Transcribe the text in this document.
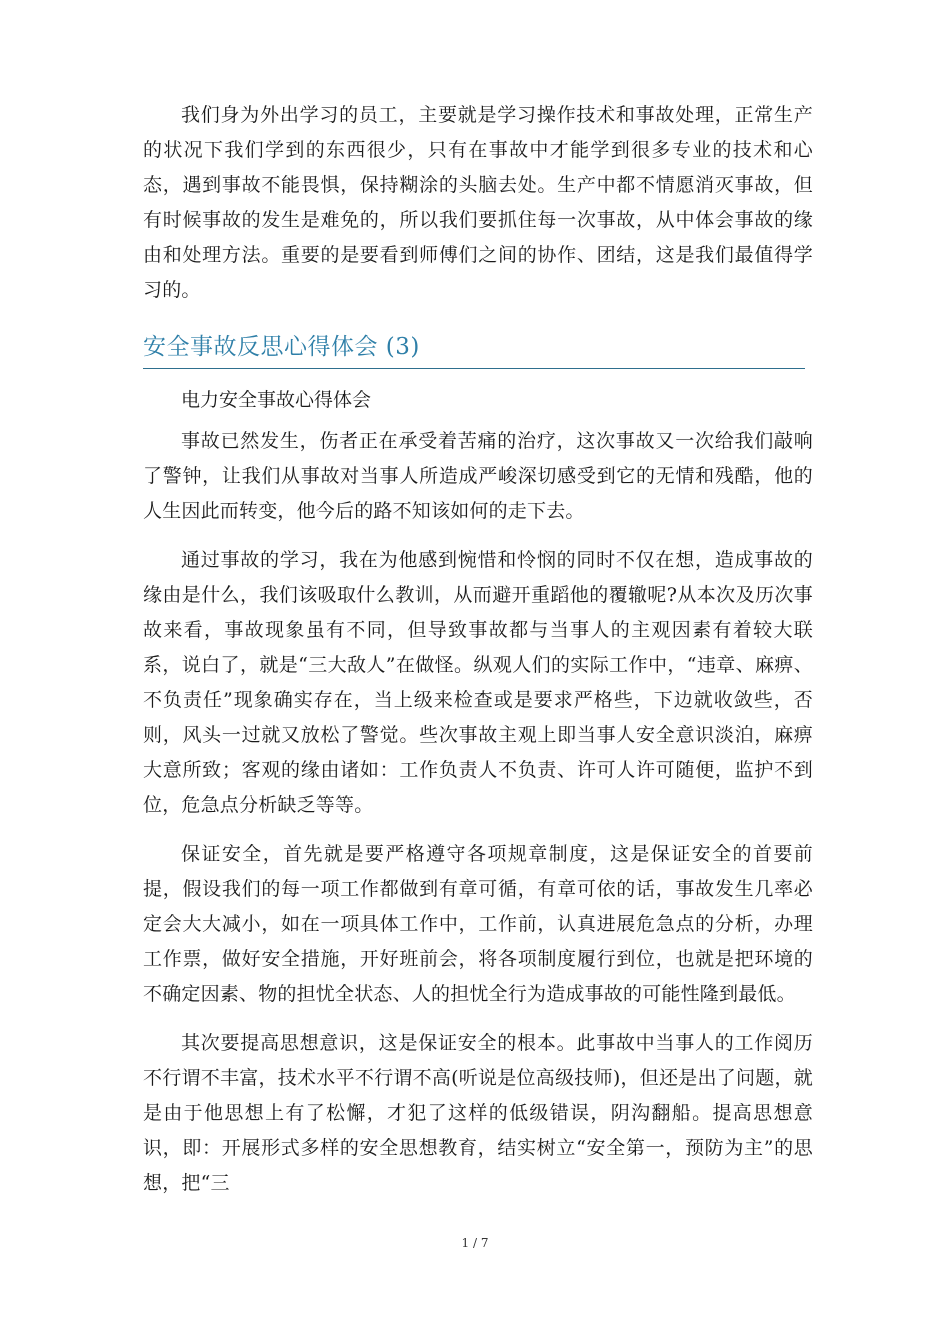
我们身为外出学习的员工，主要就是学习操作技术和事故处理，正常生产的状况下我们学到的东西很少，只有在事故中才能学到很多专业的技术和心态，遇到事故不能畏惧，保持糊涂的头脑去处。生产中都不情愿消灭事故，但有时候事故的发生是难免的，所以我们要抓住每一次事故，从中体会事故的缘由和处理方法。重要的是要看到师傅们之间的协作、团结，这是我们最值得学习的。

安全事故反思心得体会 (3)

电力安全事故心得体会

事故已然发生，伤者正在承受着苦痛的治疗，这次事故又一次给我们敲响了警钟，让我们从事故对当事人所造成严峻深切感受到它的无情和残酷，他的人生因此而转变，他今后的路不知该如何的走下去。

通过事故的学习，我在为他感到惋惜和怜悯的同时不仅在想，造成事故的缘由是什么，我们该吸取什么教训，从而避开重蹈他的覆辙呢?从本次及历次事故来看，事故现象虽有不同，但导致事故都与当事人的主观因素有着较大联系，说白了，就是“三大敌人”在做怪。纵观人们的实际工作中，“违章、麻痹、不负责任”现象确实存在，当上级来检查或是要求严格些，下边就收敛些，否则，风头一过就又放松了警觉。些次事故主观上即当事人安全意识淡泊，麻痹大意所致；客观的缘由诸如：工作负责人不负责、许可人许可随便，监护不到位，危急点分析缺乏等等。

保证安全，首先就是要严格遵守各项规章制度，这是保证安全的首要前提，假设我们的每一项工作都做到有章可循，有章可依的话，事故发生几率必定会大大减小，如在一项具体工作中，工作前，认真进展危急点的分析，办理工作票，做好安全措施，开好班前会，将各项制度履行到位，也就是把环境的不确定因素、物的担忧全状态、人的担忧全行为造成事故的可能性隆到最低。

其次要提高思想意识，这是保证安全的根本。此事故中当事人的工作阅历不行谓不丰富，技术水平不行谓不高(听说是位高级技师)，但还是出了问题，就是由于他思想上有了松懈，才犯了这样的低级错误，阴沟翻船。提高思想意识，即：开展形式多样的安全思想教育，结实树立“安全第一，预防为主”的思想，把“三

1 / 7
